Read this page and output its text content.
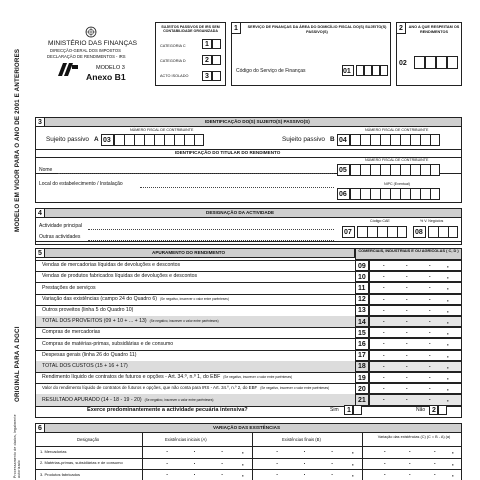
MODELO EM VIGOR PARA O ANO DE 2001 E ANTERIORES
ORIGINAL PARA A DGCI
Processamento de dados, legalmente autorizado
MINISTÉRIO DAS FINANÇAS
DIRECÇÃO-GERAL DOS IMPOSTOS
DECLARAÇÃO DE RENDIMENTOS - IRS
MODELO 3
Anexo B1
SUJEITOS PASSIVOS DE IRS SEM CONTABILIDADE ORGANIZADA
CATEGORIA C	1
CATEGORIA D	2
ACTO ISOLADO 3
1	SERVIÇO DE FINANÇAS DA ÁREA DO DOMICÍLIO FISCAL DO(S) SUJEITO(S) PASSIVO(S)
Código do Serviço de Finanças	01
2 ANO A QUE RESPEITAM OS RENDIMENTOS
02
3	IDENTIFICAÇÃO DO(S) SUJEITO(S) PASSIVO(S)
NÚMERO FISCAL DE CONTRIBUINTE	NÚMERO FISCAL DE CONTRIBUINTE
Sujeito passivo A 03	Sujeito passivo B 04
IDENTIFICAÇÃO DO TITULAR DO RENDIMENTO
NÚMERO FISCAL DE CONTRIBUINTE
Nome	05
Local do estabelecimento / Instalação	NIPC (Eventual)
06
4	DESIGNAÇÃO DA ACTIVIDADE
Código CAE	% V. Negócios
Actividade principal
Outras actividades
07	08
5	APURAMENTO DO RENDIMENTO	COMERCIAIS, INDUSTRIAIS E OU AGRÍCOLAS ( C, D )
Vendas de mercadorias líquidas de devoluções e descontos	09	.	.	.	,
Vendas de produtos fabricados líquidas de devoluções e descontos	10	.	.	.	,
Prestações de serviços	11	.	.	.	,
Variação das existências (campo 24 do Quadro 6) (Se negativo, inscrever o valor entre parênteses)	12	.	.	.	,
Outros proveitos (linha 5 do Quadro 10)	13	.	.	.	,
TOTAL DOS PROVEITOS (09 + 10 + ... + 13) (Se negativo, inscrever o valor entre parênteses)	14	.	.	.	,
Compras de mercadorias	15	.	.	.	,
Compras de matérias-primas, subsidiárias e de consumo	16	.	.	.	,
Despesas gerais (linha 26 do Quadro 11)	17	.	.	.	,
TOTAL DOS CUSTOS (15 + 16 + 17)	18	.	.	.	,
Rendimento líquido de contratos de futuros e opções - Art. 34.º, n.º 1, do EBF (Se negativo, inscrever o valor entre parênteses)	19	.	.	.	,
Valor do rendimento líquido de contratos de futuros e opções, que não conta para IRS - Art. 34.º, n.º 2, do EBF (Se negativo, inscrever o valor entre parênteses)	20	.	.	.	,
RESULTADO APURADO (14 - 18 - 19 - 20) (Se negativo, inscrever o valor entre parênteses)	21	.	.	.	,
Exerce predominantemente a actividade pecuária intensiva?	Sim 1	Não 2
6	VARIAÇÃO DAS EXISTÊNCIAS
Designação	Existências iniciais (A)	Existências finais (B)	Variação das existências (C) (C = B - A) (a)
1. Mercadorias	.	.	.	,	.	.	.	,	.	.	.	,
2. Matérias-primas, subsidiárias e de consumo	.	.	.	,	.	.	.	,	.	.	.	,
3. Produtos fabricados	.	.	.	,	.	.	.	,	.	.	.	,
